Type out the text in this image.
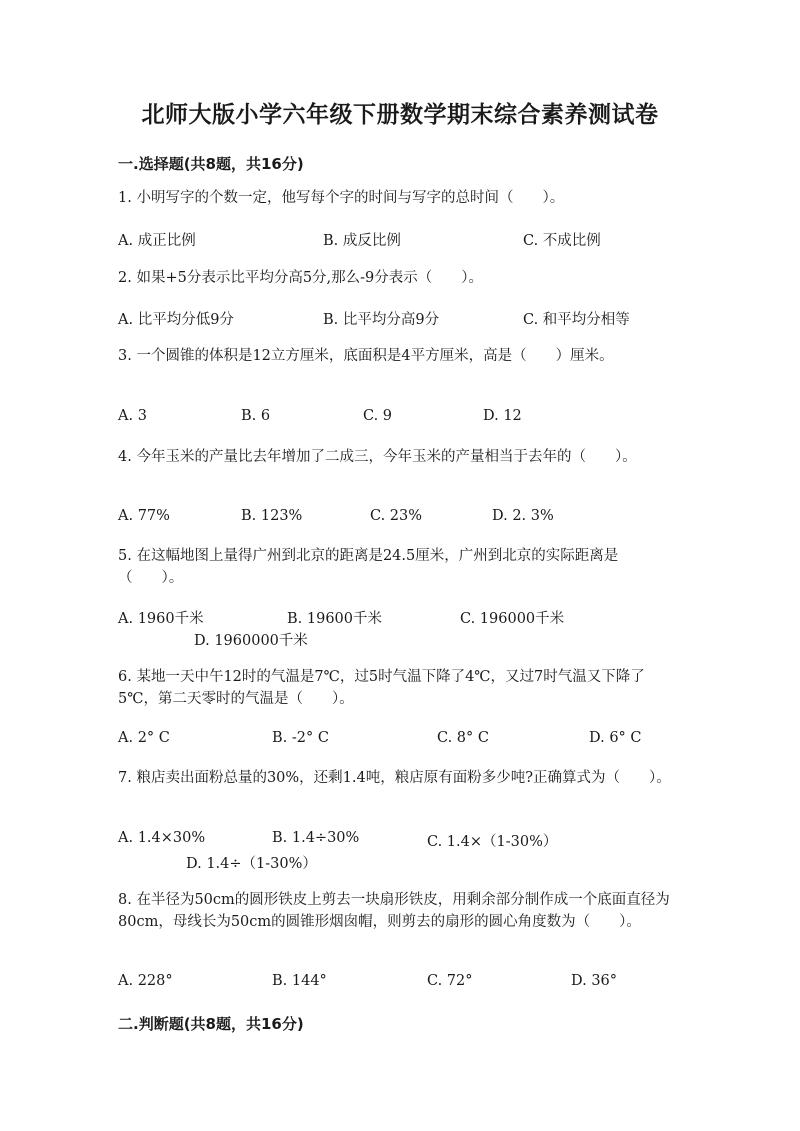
北师大版小学六年级下册数学期末综合素养测试卷
一.选择题(共8题，共16分)
1. 小明写字的个数一定，他写每个字的时间与写字的总时间（　　）。
A. 成正比例	B. 成反比例	C. 不成比例
2. 如果+5分表示比平均分高5分,那么-9分表示（　　）。
A. 比平均分低9分	B. 比平均分高9分	C. 和平均分相等
3. 一个圆锥的体积是12立方厘米，底面积是4平方厘米，高是（　　）厘米。
A. 3	B. 6	C. 9	D. 12
4. 今年玉米的产量比去年增加了二成三，今年玉米的产量相当于去年的（　　）。
A. 77%	B. 123%	C. 23%	D. 2. 3%
5. 在这幅地图上量得广州到北京的距离是24.5厘米，广州到北京的实际距离是（　　）。
A. 1960千米	B. 19600千米	C. 196000千米
D. 1960000千米
6. 某地一天中午12时的气温是7℃，过5时气温下降了4℃，又过7时气温又下降了5℃，第二天零时的气温是（　　）。
A. 2° C	B. -2° C	C. 8° C	D. 6° C
7. 粮店卖出面粉总量的30%，还剩1.4吨，粮店原有面粉多少吨?正确算式为（　　）。
A. 1.4×30%	B. 1.4÷30%	C. 1.4×（1-30%）
D. 1.4÷（1-30%）
8. 在半径为50cm的圆形铁皮上剪去一块扇形铁皮，用剩余部分制作成一个底面直径为80cm，母线长为50cm的圆锥形烟囱帽，则剪去的扇形的圆心角度数为（　　）。
A. 228°	B. 144°	C. 72°	D. 36°
二.判断题(共8题，共16分)
